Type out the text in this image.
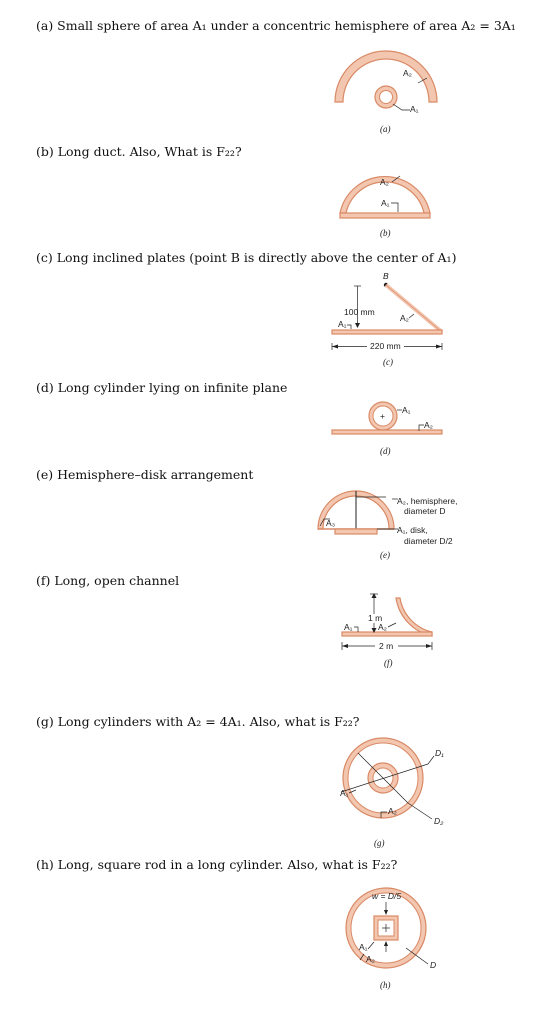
(a) Small sphere of area A₁ under a concentric hemisphere of area A₂ = 3A₁
(b) Long duct. Also, What is F₂₂?
(c) Long inclined plates (point B is directly above the center of A₁)
(d) Long cylinder lying on infinite plane
(e) Hemisphere–disk arrangement
(f) Long, open channel
(g) Long cylinders with A₂ = 4A₁. Also, what is F₂₂?
(h) Long, square rod in a long cylinder. Also, what is F₂₂?
A₂
A₁
(a)
A₂
A₁
(b)
B
100 mm
A₁
A₂
220 mm
(c)
+
A₁
A₂
(d)
A₃
A₂, hemisphere,
diameter D
A₁, disk,
diameter D/2
(e)
1 m
A₁	A₂
2 m
(f)
D₁
D₂
A₁
A₂
(g)
w = D/5
D
A₁
A₂
(h)
